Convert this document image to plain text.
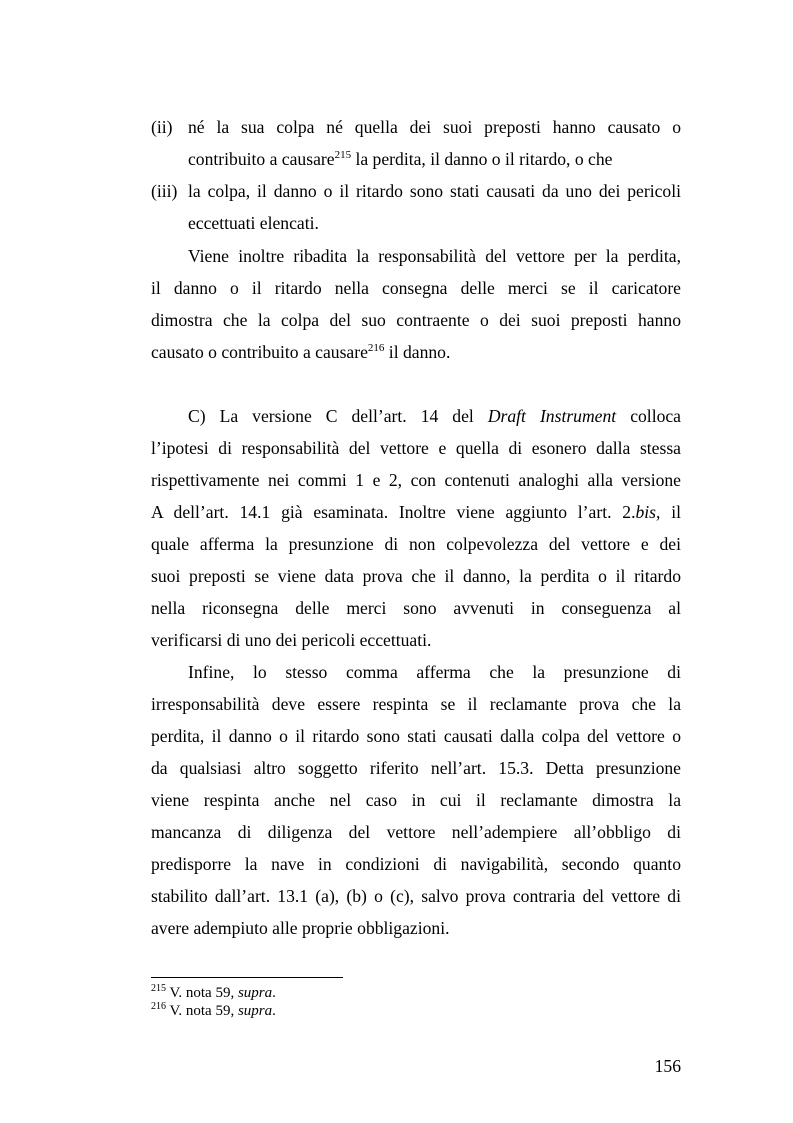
(ii) né la sua colpa né quella dei suoi preposti hanno causato o
contribuito a causare$^{215}$ la perdita, il danno o il ritardo, o che
(iii) la colpa, il danno o il ritardo sono stati causati da uno dei pericoli
eccettuati elencati.
Viene inoltre ribadita la responsabilità del vettore per la perdita,
il danno o il ritardo nella consegna delle merci se il caricatore
dimostra che la colpa del suo contraente o dei suoi preposti hanno
causato o contribuito a causare$^{216}$ il danno.
C) La versione C dell’art. 14 del Draft Instrument colloca
l’ipotesi di responsabilità del vettore e quella di esonero dalla stessa
rispettivamente nei commi 1 e 2, con contenuti analoghi alla versione
A dell’art. 14.1 già esaminata. Inoltre viene aggiunto l’art. 2.bis, il
quale afferma la presunzione di non colpevolezza del vettore e dei
suoi preposti se viene data prova che il danno, la perdita o il ritardo
nella riconsegna delle merci sono avvenuti in conseguenza al
verificarsi di uno dei pericoli eccettuati.
Infine, lo stesso comma afferma che la presunzione di
irresponsabilità deve essere respinta se il reclamante prova che la
perdita, il danno o il ritardo sono stati causati dalla colpa del vettore o
da qualsiasi altro soggetto riferito nell’art. 15.3. Detta presunzione
viene respinta anche nel caso in cui il reclamante dimostra la
mancanza di diligenza del vettore nell’adempiere all’obbligo di
predisporre la nave in condizioni di navigabilità, secondo quanto
stabilito dall’art. 13.1 (a), (b) o (c), salvo prova contraria del vettore di
avere adempiuto alle proprie obbligazioni.
$^{215}$ V. nota 59, supra.
$^{216}$ V. nota 59, supra.
156
